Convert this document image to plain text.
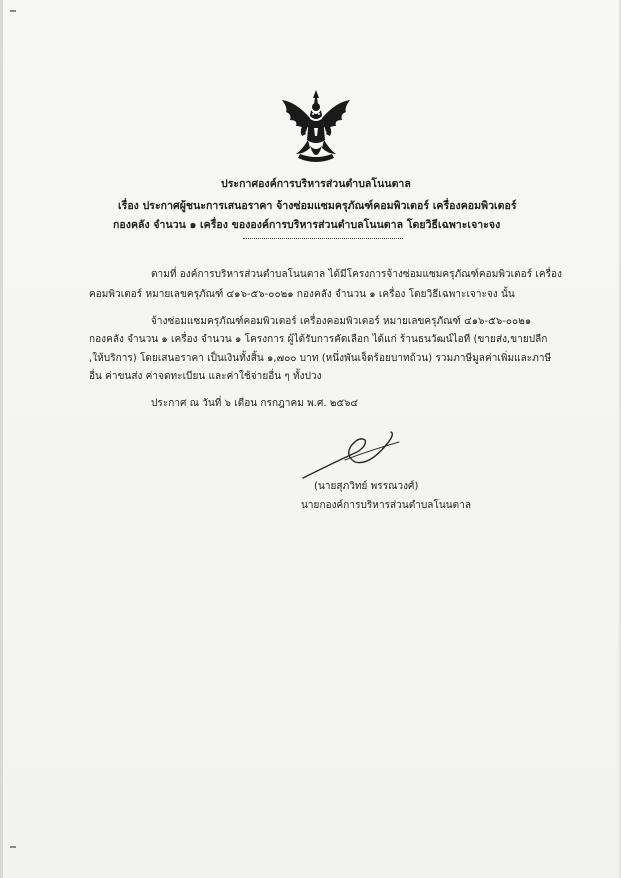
ประกาศองค์การบริหารส่วนตำบลโนนตาล
เรื่อง ประกาศผู้ชนะการเสนอราคา จ้างซ่อมแซมครุภัณฑ์คอมพิวเตอร์ เครื่องคอมพิวเตอร์
กองคลัง จำนวน ๑ เครื่อง ขององค์การบริหารส่วนตำบลโนนตาล โดยวิธีเฉพาะเจาะจง
ตามที่ องค์การบริหารส่วนตำบลโนนตาล ได้มีโครงการจ้างซ่อมแซมครุภัณฑ์คอมพิวเตอร์ เครื่อง
คอมพิวเตอร์ หมายเลขครุภัณฑ์ ๔๑๖-๕๖-๐๐๒๑ กองคลัง จำนวน ๑ เครื่อง โดยวิธีเฉพาะเจาะจง นั้น
จ้างซ่อมแซมครุภัณฑ์คอมพิวเตอร์ เครื่องคอมพิวเตอร์ หมายเลขครุภัณฑ์ ๔๑๖-๕๖-๐๐๒๑
กองคลัง จำนวน ๑ เครื่อง จำนวน ๑ โครงการ ผู้ได้รับการคัดเลือก ได้แก่ ร้านธนวัฒน์ไอที (ขายส่ง,ขายปลีก
,ให้บริการ) โดยเสนอราคา เป็นเงินทั้งสิ้น ๑,๗๐๐ บาท (หนึ่งพันเจ็ดร้อยบาทถ้วน) รวมภาษีมูลค่าเพิ่มและภาษี
อื่น ค่าขนส่ง ค่าจดทะเบียน และค่าใช้จ่ายอื่น ๆ ทั้งปวง
ประกาศ ณ วันที่ ๖ เดือน กรกฎาคม พ.ศ. ๒๕๖๔
(นายสุภวิทย์ พรรณวงศ์)
นายกองค์การบริหารส่วนตำบลโนนตาล
